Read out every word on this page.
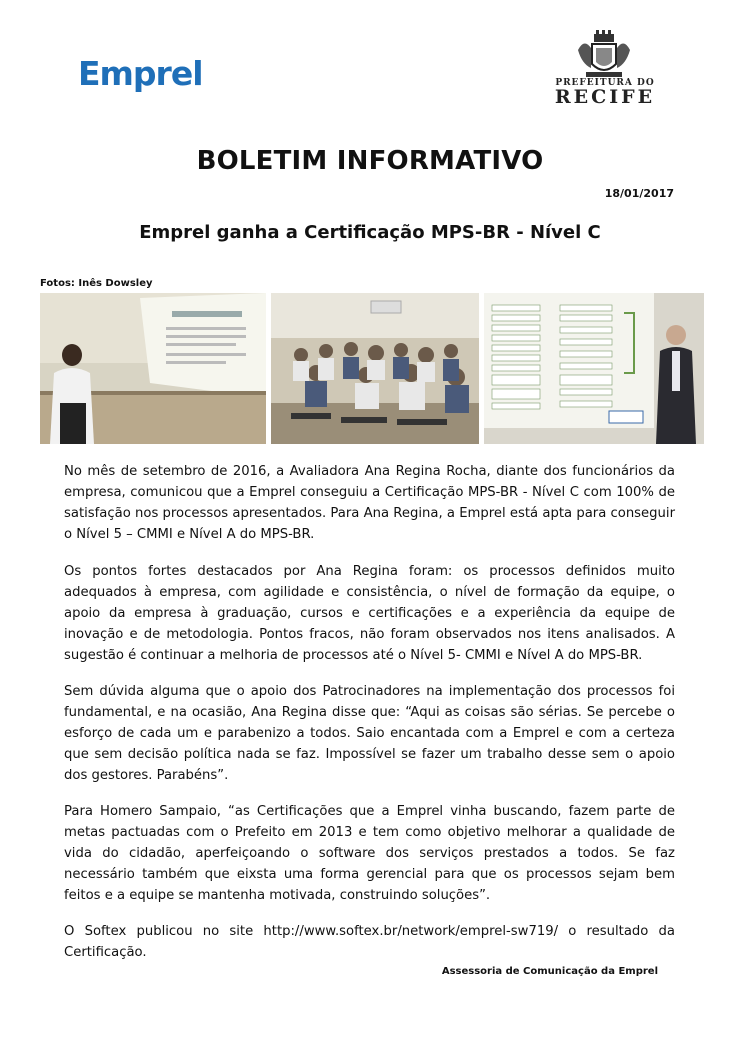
Emprel	PREFEITURA DO
RECIFE
BOLETIM INFORMATIVO
18/01/2017
Emprel ganha a Certificação MPS-BR - Nível C
Fotos: Inês Dowsley

No mês de setembro de 2016, a Avaliadora Ana Regina Rocha, diante dos funcionários da empresa, comunicou que a Emprel conseguiu a Certificação MPS-BR - Nível C com 100% de satisfação nos processos apresentados. Para Ana Regina, a Emprel está apta para conseguir o Nível 5 – CMMI e Nível A do MPS-BR.

Os pontos fortes destacados por Ana Regina foram: os processos definidos muito adequados à empresa, com agilidade e consistência, o nível de formação da equipe, o apoio da empresa à graduação, cursos e certificações e a experiência da equipe de inovação e de metodologia. Pontos fracos, não foram observados nos itens analisados. A sugestão é continuar a melhoria de processos até o Nível 5- CMMI e Nível A do MPS-BR.

Sem dúvida alguma que o apoio dos Patrocinadores na implementação dos processos foi fundamental, e na ocasião, Ana Regina disse que: “Aqui as coisas são sérias. Se percebe o esforço de cada um e parabenizo a todos. Saio encantada com a Emprel e com a certeza que sem decisão política nada se faz. Impossível se fazer um trabalho desse sem o apoio dos gestores. Parabéns”.

Para Homero Sampaio, “as Certificações que a Emprel vinha buscando, fazem parte de metas pactuadas com o Prefeito em 2013 e tem como objetivo melhorar a qualidade de vida do cidadão, aperfeiçoando o software dos serviços prestados a todos. Se faz necessário também que eixsta uma forma gerencial para que os processos sejam bem feitos e a equipe se mantenha motivada, construindo soluções”.

O Softex publicou no site http://www.softex.br/network/emprel-sw719/ o resultado da Certificação.

Assessoria de Comunicação da Emprel
